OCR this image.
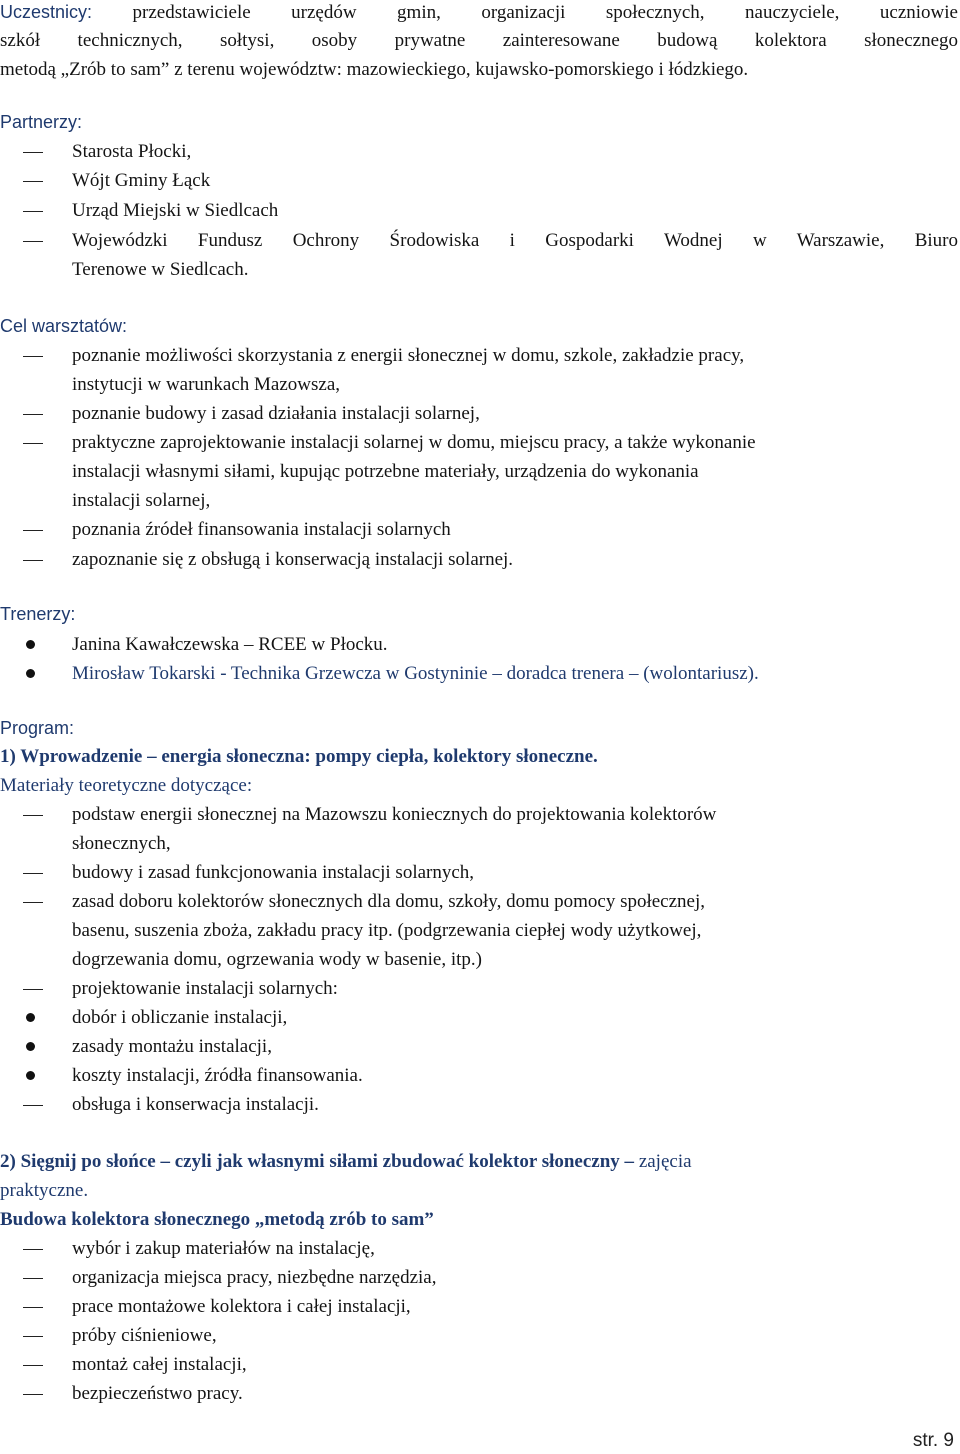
Uczestnicy: przedstawiciele urzędów gmin, organizacji społecznych, nauczyciele, uczniowie
szkół technicznych, sołtysi, osoby prywatne zainteresowane budową kolektora słonecznego
metodą „Zrób to sam” z terenu województw: mazowieckiego, kujawsko-pomorskiego i łódzkiego.
Partnerzy:
Starosta Płocki,
Wójt Gminy Łąck
Urząd Miejski w Siedlcach
Wojewódzki Fundusz Ochrony Środowiska i Gospodarki Wodnej w Warszawie, Biuro
Terenowe w Siedlcach.
Cel warsztatów:
poznanie możliwości skorzystania z energii słonecznej w domu, szkole, zakładzie pracy,
instytucji w warunkach Mazowsza,
poznanie budowy i zasad działania instalacji solarnej,
praktyczne zaprojektowanie instalacji solarnej w domu, miejscu pracy, a także wykonanie
instalacji własnymi siłami, kupując potrzebne materiały, urządzenia do wykonania
instalacji solarnej,
poznania źródeł finansowania instalacji solarnych
zapoznanie się z obsługą i konserwacją instalacji solarnej.
Trenerzy:
Janina Kawałczewska – RCEE w Płocku.
Mirosław Tokarski - Technika Grzewcza w Gostyninie – doradca trenera – (wolontariusz).
Program:
1) Wprowadzenie – energia słoneczna: pompy ciepła, kolektory słoneczne.
Materiały teoretyczne dotyczące:
podstaw energii słonecznej na Mazowszu koniecznych do projektowania kolektorów
słonecznych,
budowy i zasad funkcjonowania instalacji solarnych,
zasad doboru kolektorów słonecznych dla domu, szkoły, domu pomocy społecznej,
basenu, suszenia zboża, zakładu pracy itp. (podgrzewania ciepłej wody użytkowej,
dogrzewania domu, ogrzewania wody w basenie, itp.)
projektowanie instalacji solarnych:
dobór i obliczanie instalacji,
zasady montażu instalacji,
koszty instalacji, źródła finansowania.
obsługa i konserwacja instalacji.
2) Sięgnij po słońce – czyli jak własnymi siłami zbudować kolektor słoneczny – zajęcia
praktyczne.
Budowa kolektora słonecznego „metodą zrób to sam”
wybór i zakup materiałów na instalację,
organizacja miejsca pracy, niezbędne narzędzia,
prace montażowe kolektora i całej instalacji,
próby ciśnieniowe,
montaż całej instalacji,
bezpieczeństwo pracy.
str. 9
